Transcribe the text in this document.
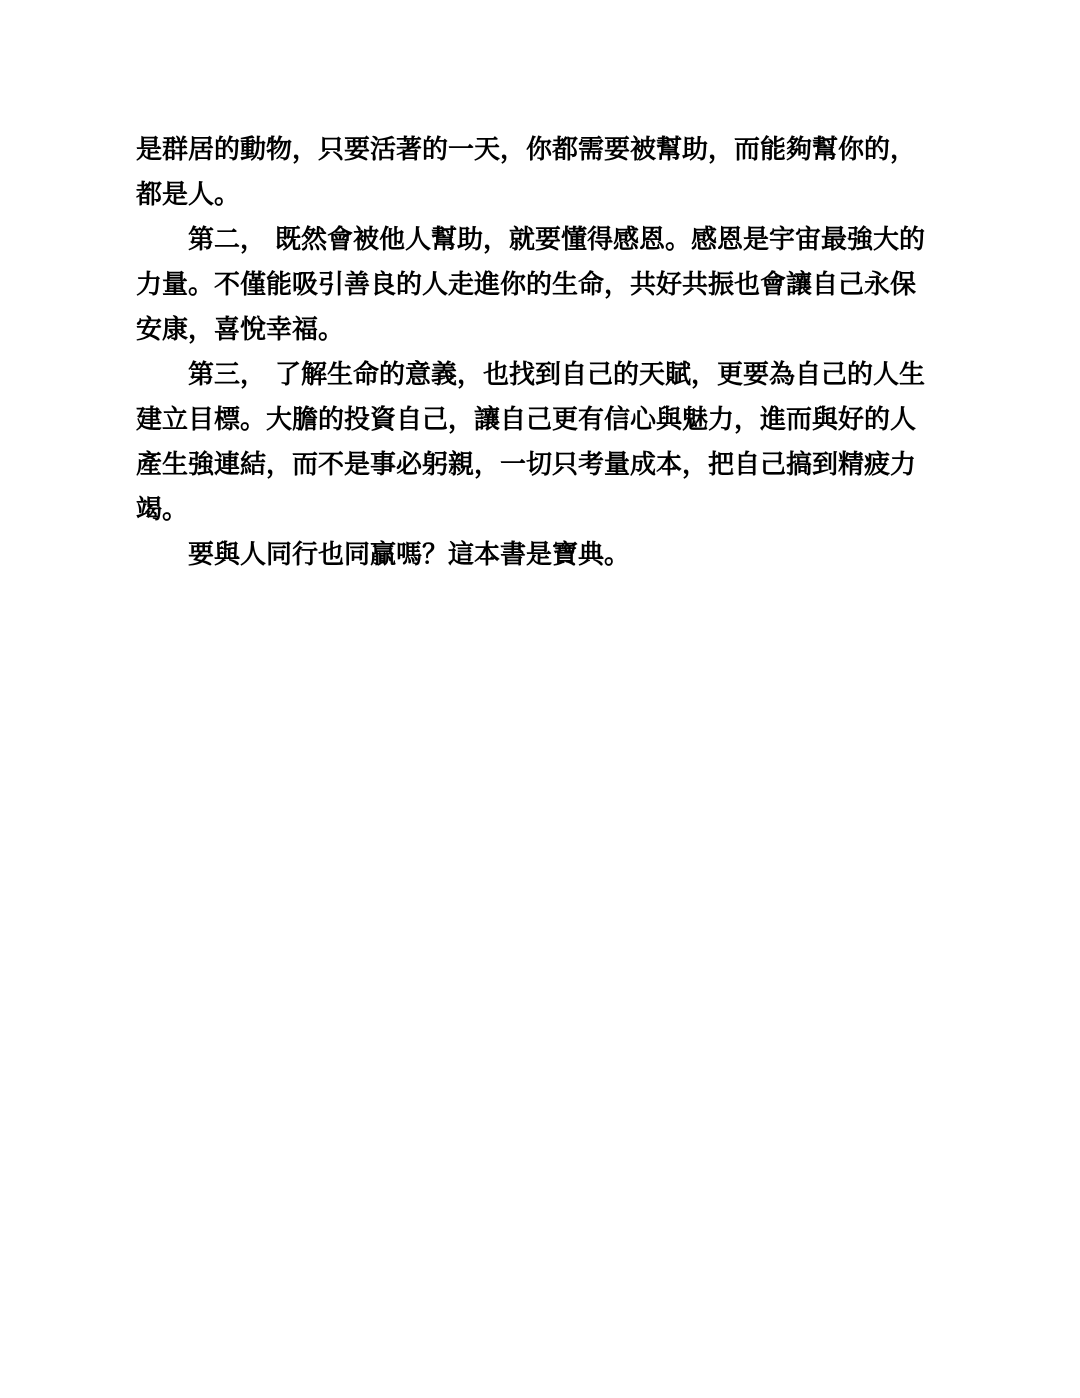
是群居的動物，只要活著的一天，你都需要被幫助，而能夠幫你的，
都是人。
第二， 既然會被他人幫助，就要懂得感恩。感恩是宇宙最強大的
力量。不僅能吸引善良的人走進你的生命，共好共振也會讓自己永保
安康，喜悅幸福。
第三， 了解生命的意義，也找到自己的天賦，更要為自己的人生
建立目標。大膽的投資自己，讓自己更有信心與魅力，進而與好的人
產生強連結，而不是事必躬親，一切只考量成本，把自己搞到精疲力
竭。
要與人同行也同贏嗎？這本書是寶典。
